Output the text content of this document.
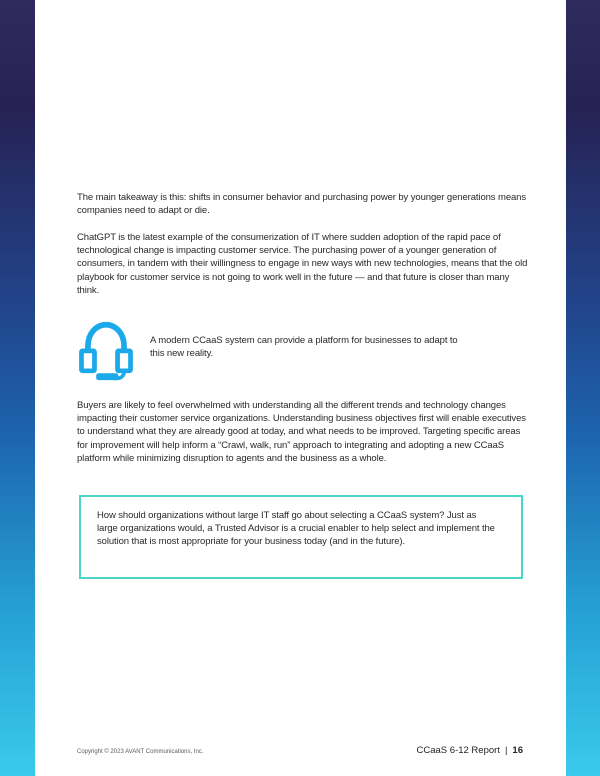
The main takeaway is this: shifts in consumer behavior and purchasing power by younger generations means companies need to adapt or die.

ChatGPT is the latest example of the consumerization of IT where sudden adoption of the rapid pace of technological change is impacting customer service. The purchasing power of a younger generation of consumers, in tandem with their willingness to engage in new ways with new technologies, means that the old playbook for customer service is not going to work well in the future — and that future is closer than many think.

A modern CCaaS system can provide a platform for businesses to adapt to this new reality.

Buyers are likely to feel overwhelmed with understanding all the different trends and technology changes impacting their customer service organizations. Understanding business objectives first will enable executives to understand what they are already good at today, and what needs to be improved. Targeting specific areas for improvement will help inform a “Crawl, walk, run” approach to integrating and adopting a new CCaaS platform while minimizing disruption to agents and the business as a whole.

How should organizations without large IT staff go about selecting a CCaaS system? Just as large organizations would, a Trusted Advisor is a crucial enabler to help select and implement the solution that is most appropriate for your business today (and in the future).

Copyright © 2023 AVANT Communications, Inc.	CCaaS 6-12 Report | 16
